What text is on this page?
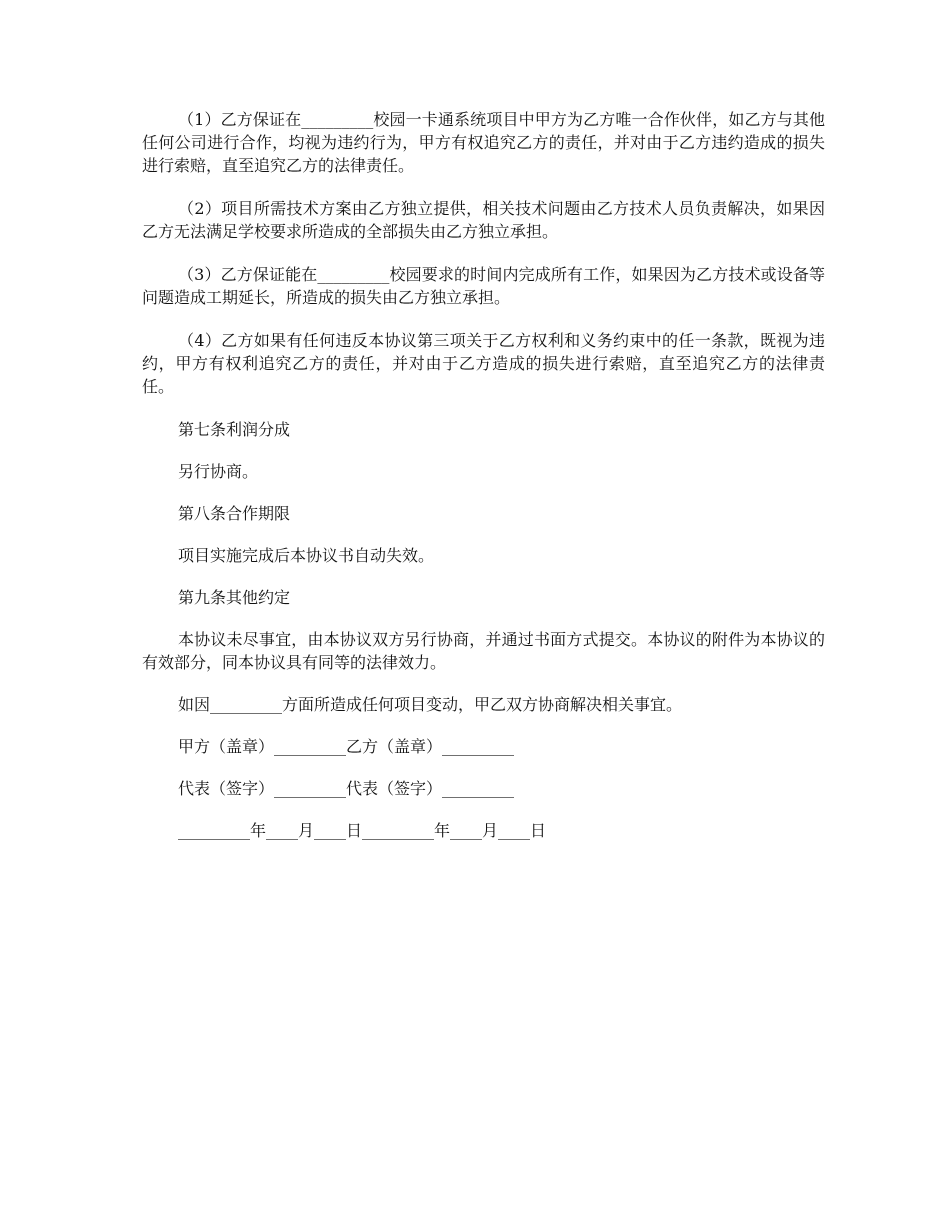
（1）乙方保证在_________校园一卡通系统项目中甲方为乙方唯一合作伙伴，如乙方与其他任何公司进行合作，均视为违约行为，甲方有权追究乙方的责任，并对由于乙方违约造成的损失进行索赔，直至追究乙方的法律责任。

（2）项目所需技术方案由乙方独立提供，相关技术问题由乙方技术人员负责解决，如果因乙方无法满足学校要求所造成的全部损失由乙方独立承担。

（3）乙方保证能在_________校园要求的时间内完成所有工作，如果因为乙方技术或设备等问题造成工期延长，所造成的损失由乙方独立承担。

（4）乙方如果有任何违反本协议第三项关于乙方权利和义务约束中的任一条款，既视为违约，甲方有权利追究乙方的责任，并对由于乙方造成的损失进行索赔，直至追究乙方的法律责任。

第七条利润分成

另行协商。

第八条合作期限

项目实施完成后本协议书自动失效。

第九条其他约定

本协议未尽事宜，由本协议双方另行协商，并通过书面方式提交。本协议的附件为本协议的有效部分，同本协议具有同等的法律效力。

如因_________方面所造成任何项目变动，甲乙双方协商解决相关事宜。

甲方（盖章）_________乙方（盖章）_________

代表（签字）_________代表（签字）_________

_________年____月____日_________年____月____日
